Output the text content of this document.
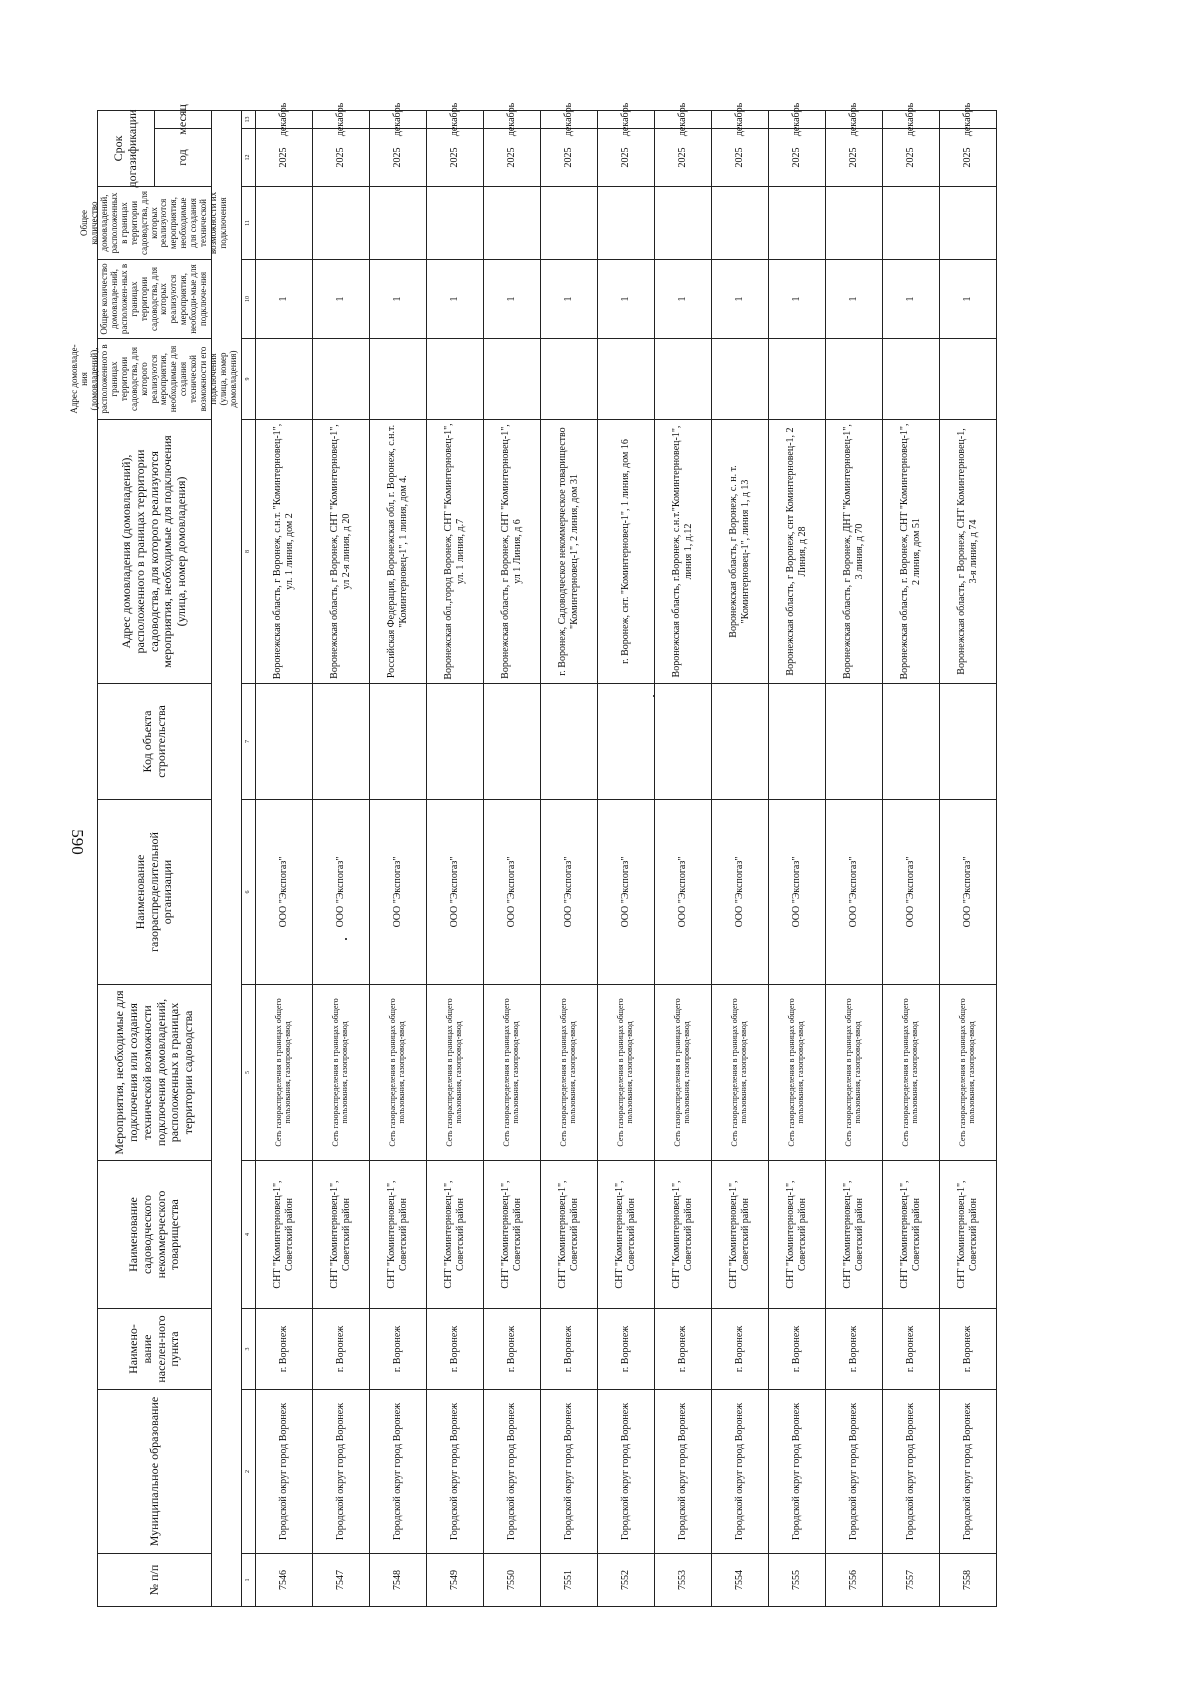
590
№ п/п
Муниципальное образование
Наимено-вание населен-ного пункта
Наименование садоводческого некоммерческого товарищества
Мероприятия, необходимые для подключения или создания технической возможности подключения домовладений, расположенных в границах территории садоводства
Наименование газораспределительной организации
Код объекта строительства
Адрес домовладения (домовладений), расположенного в границах территории садоводства, для которого реализуются мероприятия, необходимые для подключения (улица, номер домовладения)
Адрес домовладе-ния (домовладений), расположенного в границах территории садоводства, для которого реализуются мероприятия, необходимые для создания технической возможности его подключения (улица, номер домовладения)
Общее количество домовладе-ний, расположен-ных в границах территории садоводства, для которых реализуются мероприятия, необходи-мые для подключе-ния
Общее количество домовладений, расположенных в границах территории садоводства, для которых реализуются мероприятия, необходимые для создания технической возможности их подключения
Срок догазификации	год
месяц
1
2
3
4
5
6
7
8
9
10
11
12
13
7546
Городской округ город Воронеж
г. Воронеж
СНТ "Коминтерновец-1", Советский район
Сеть газораспределения в границах общего пользования, газопровод-ввод
ООО "Экспогаз"
Воронежская область, г Воронеж, с.н.т. "Коминтерновец-1", ул. 1 линия, дом 2
1
2025
декабрь
7547
Городской округ город Воронеж
г. Воронеж
СНТ "Коминтерновец-1", Советский район
Сеть газораспределения в границах общего пользования, газопровод-ввод
ООО "Экспогаз"
Воронежская область, г Воронеж, СНТ "Коминтерновец-1", ул 2-я линия, д 20
1
2025
декабрь
7548
Городской округ город Воронеж
г. Воронеж
СНТ "Коминтерновец-1", Советский район
Сеть газораспределения в границах общего пользования, газопровод-ввод
ООО "Экспогаз"
Российская Федерация, Воронежская обл, г. Воронеж, с.н.т. "Коминтерновец-1", 1 линия, дом 4.
1
2025
декабрь
7549
Городской округ город Воронеж
г. Воронеж
СНТ "Коминтерновец-1", Советский район
Сеть газораспределения в границах общего пользования, газопровод-ввод
ООО "Экспогаз"
Воронежская обл.,город Воронеж, СНТ "Коминтерновец-1", ул. 1 линия, д.7
1
2025
декабрь
7550
Городской округ город Воронеж
г. Воронеж
СНТ "Коминтерновец-1", Советский район
Сеть газораспределения в границах общего пользования, газопровод-ввод
ООО "Экспогаз"
Воронежская область, г Воронеж, СНТ "Коминтерновец-1", ул 1 Линия, д 6
1
2025
декабрь
7551
Городской округ город Воронеж
г. Воронеж
СНТ "Коминтерновец-1", Советский район
Сеть газораспределения в границах общего пользования, газопровод-ввод
ООО "Экспогаз"
г. Воронеж, Садоводческое некоммерческое товарищество "Коминтерновец-1", 2 линия, дом 31
1
2025
декабрь
7552
Городской округ город Воронеж
г. Воронеж
СНТ "Коминтерновец-1", Советский район
Сеть газораспределения в границах общего пользования, газопровод-ввод
ООО "Экспогаз"
г. Воронеж, снт. "Коминтерновец-1", 1 линия, дом 16
1
2025
декабрь
7553
Городской округ город Воронеж
г. Воронеж
СНТ "Коминтерновец-1", Советский район
Сеть газораспределения в границах общего пользования, газопровод-ввод
ООО "Экспогаз"
Воронежская область, г.Воронеж, с.н.т."Коминтерновец-1", линия 1, д.12
1
2025
декабрь
7554
Городской округ город Воронеж
г. Воронеж
СНТ "Коминтерновец-1", Советский район
Сеть газораспределения в границах общего пользования, газопровод-ввод
ООО "Экспогаз"
Воронежская область, г Воронеж, с. н. т. "Коминтерновец-1", линия 1, д 13
1
2025
декабрь
7555
Городской округ город Воронеж
г. Воронеж
СНТ "Коминтерновец-1", Советский район
Сеть газораспределения в границах общего пользования, газопровод-ввод
ООО "Экспогаз"
Воронежская область, г Воронеж, снт Коминтерновец-1, 2 Линия, д 28
1
2025
декабрь
7556
Городской округ город Воронеж
г. Воронеж
СНТ "Коминтерновец-1", Советский район
Сеть газораспределения в границах общего пользования, газопровод-ввод
ООО "Экспогаз"
Воронежская область, г Воронеж, ДНТ "Коминтерновец-1", 3 линия, д 70
1
2025
декабрь
7557
Городской округ город Воронеж
г. Воронеж
СНТ "Коминтерновец-1", Советский район
Сеть газораспределения в границах общего пользования, газопровод-ввод
ООО "Экспогаз"
Воронежская область, г. Воронеж, СНТ "Коминтерновец-1", 2 линия, дом 51
1
2025
декабрь
7558
Городской округ город Воронеж
г. Воронеж
СНТ "Коминтерновец-1", Советский район
Сеть газораспределения в границах общего пользования, газопровод-ввод
ООО "Экспогаз"
Воронежская область, г Воронеж, СНТ Коминтерновец-1, 3-я линия, д 74
1
2025
декабрь
